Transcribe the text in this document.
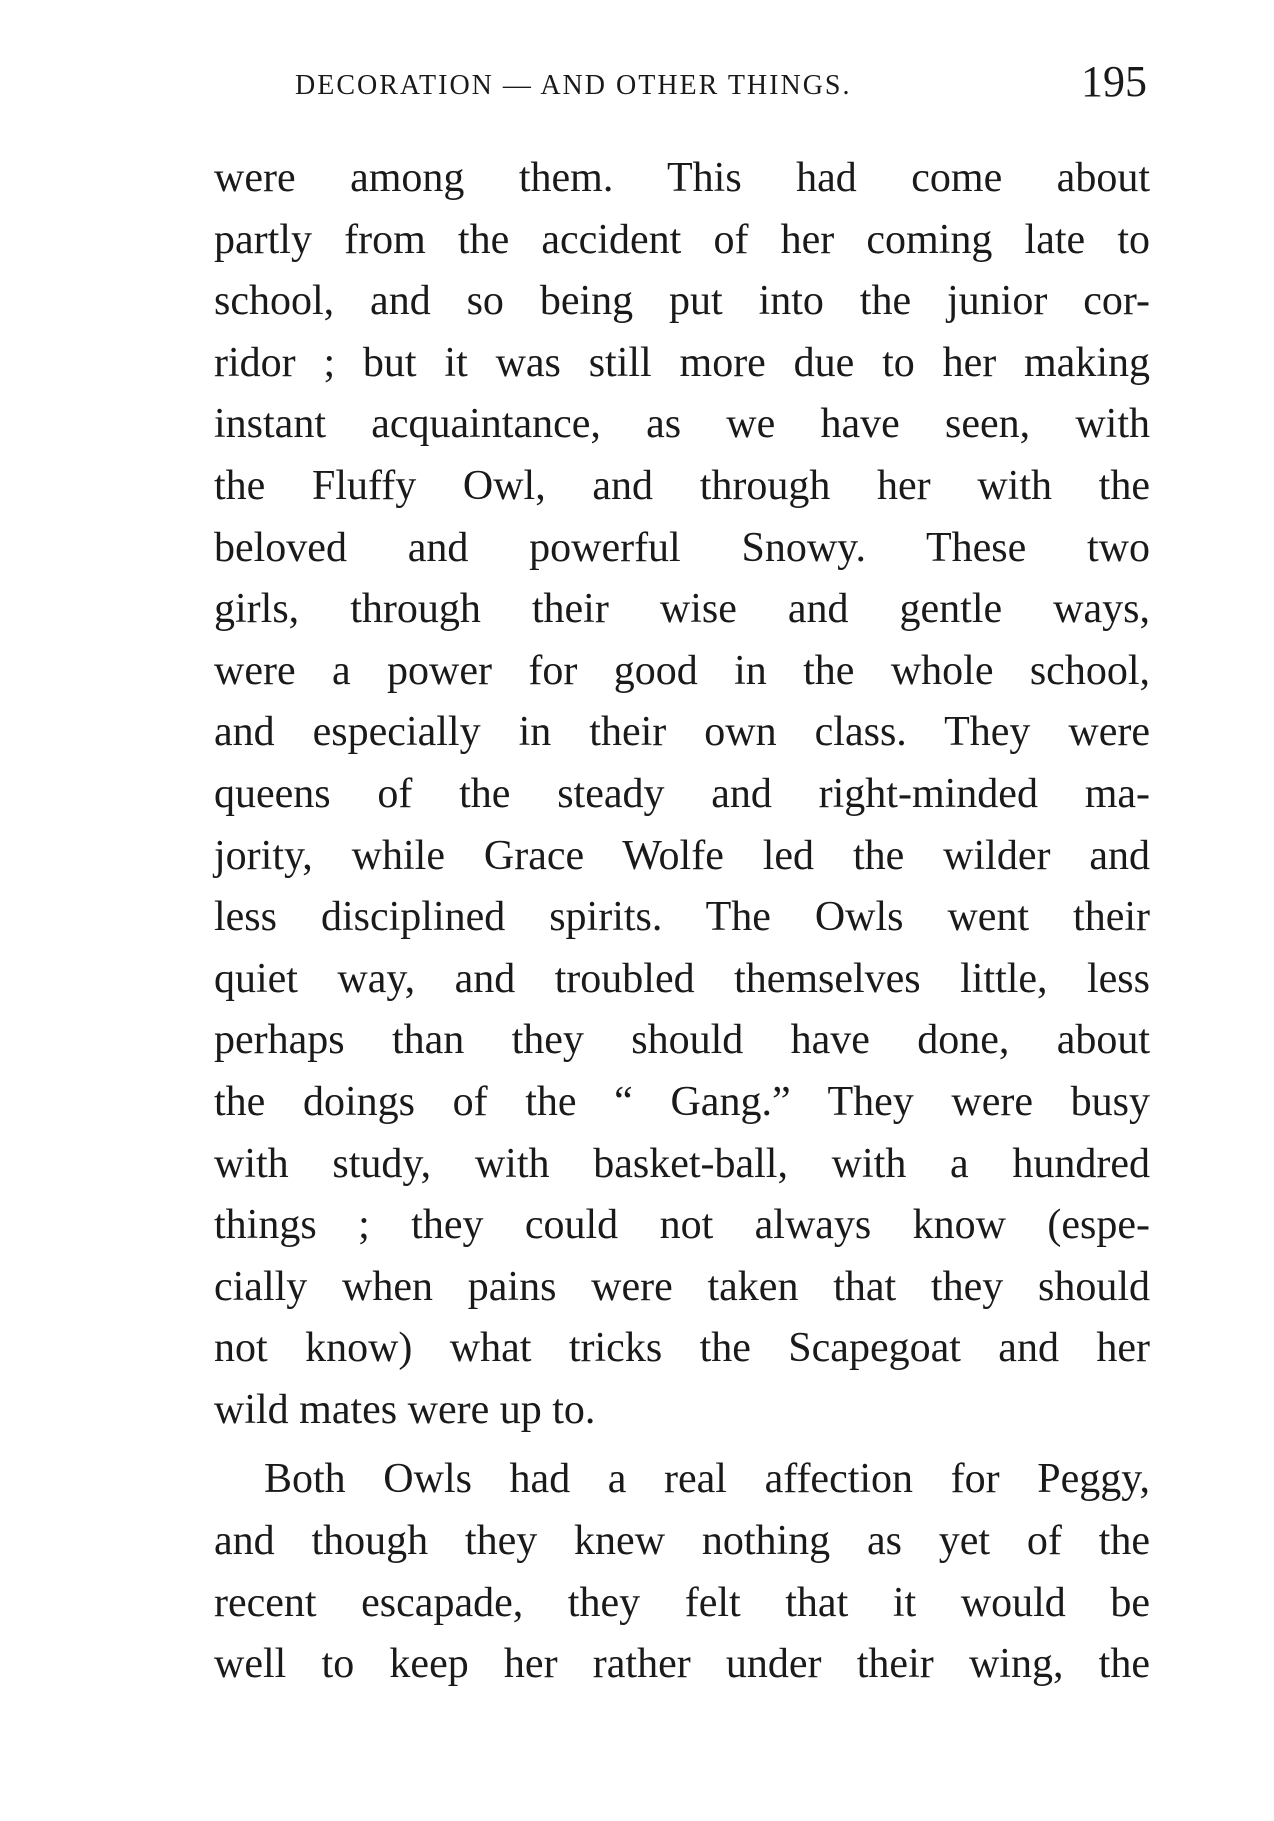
DECORATION — AND OTHER THINGS.	195
were among them. This had come about
partly from the accident of her coming late to
school, and so being put into the junior cor-
ridor ; but it was still more due to her making
instant acquaintance, as we have seen, with
the Fluffy Owl, and through her with the
beloved and powerful Snowy. These two
girls, through their wise and gentle ways,
were a power for good in the whole school,
and especially in their own class. They were
queens of the steady and right-minded ma-
jority, while Grace Wolfe led the wilder and
less disciplined spirits. The Owls went their
quiet way, and troubled themselves little, less
perhaps than they should have done, about
the doings of the “ Gang.” They were busy
with study, with basket-ball, with a hundred
things ; they could not always know (espe-
cially when pains were taken that they should
not know) what tricks the Scapegoat and her
wild mates were up to.
Both Owls had a real affection for Peggy,
and though they knew nothing as yet of the
recent escapade, they felt that it would be
well to keep her rather under their wing, the
